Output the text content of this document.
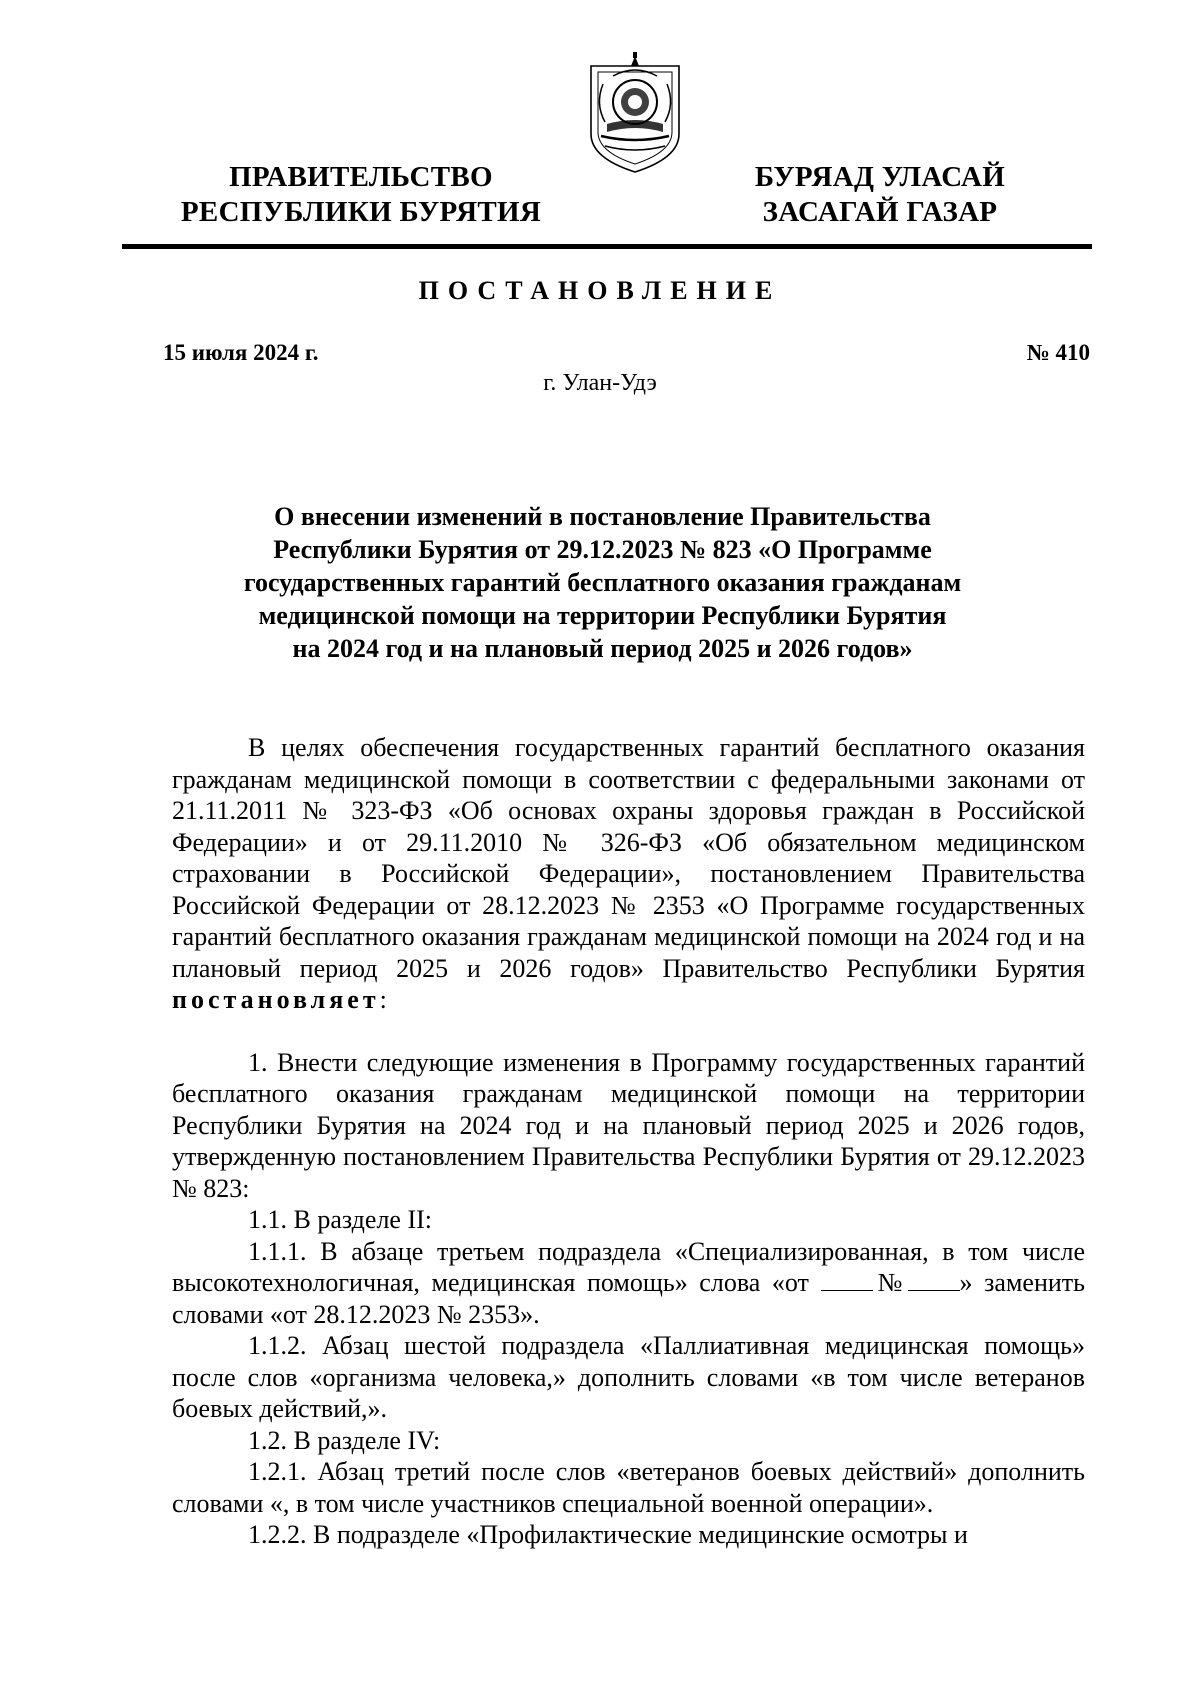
ПРАВИТЕЛЬСТВО
РЕСПУБЛИКИ БУРЯТИЯ
БУРЯАД УЛАСАЙ
ЗАСАГАЙ ГАЗАР
ПОСТАНОВЛЕНИЕ
15 июля 2024 г.	№ 410
г. Улан-Удэ
О внесении изменений в постановление Правительства
Республики Бурятия от 29.12.2023 № 823 «О Программе
государственных гарантий бесплатного оказания гражданам
медицинской помощи на территории Республики Бурятия
на 2024 год и на плановый период 2025 и 2026 годов»

В целях обеспечения государственных гарантий бесплатного оказания гражданам медицинской помощи в соответствии с федеральными законами от 21.11.2011 № 323-ФЗ «Об основах охраны здоровья граждан в Российской Федерации» и от 29.11.2010 № 326-ФЗ «Об обязательном медицинском страховании в Российской Федерации», постановлением Правительства Российской Федерации от 28.12.2023 № 2353 «О Программе государственных гарантий бесплатного оказания гражданам медицинской помощи на 2024 год и на плановый период 2025 и 2026 годов» Правительство Республики Бурятия постановляет:

1. Внести следующие изменения в Программу государственных гарантий бесплатного оказания гражданам медицинской помощи на территории Республики Бурятия на 2024 год и на плановый период 2025 и 2026 годов, утвержденную постановлением Правительства Республики Бурятия от 29.12.2023 № 823:

1.1. В разделе II:

1.1.1. В абзаце третьем подраздела «Специализированная, в том числе высокотехнологичная, медицинская помощь» слова «от № » заменить словами «от 28.12.2023 № 2353».

1.1.2. Абзац шестой подраздела «Паллиативная медицинская помощь» после слов «организма человека,» дополнить словами «в том числе ветеранов боевых действий,».

1.2. В разделе IV:

1.2.1. Абзац третий после слов «ветеранов боевых действий» дополнить словами «, в том числе участников специальной военной операции».

1.2.2. В подразделе «Профилактические медицинские осмотры и
